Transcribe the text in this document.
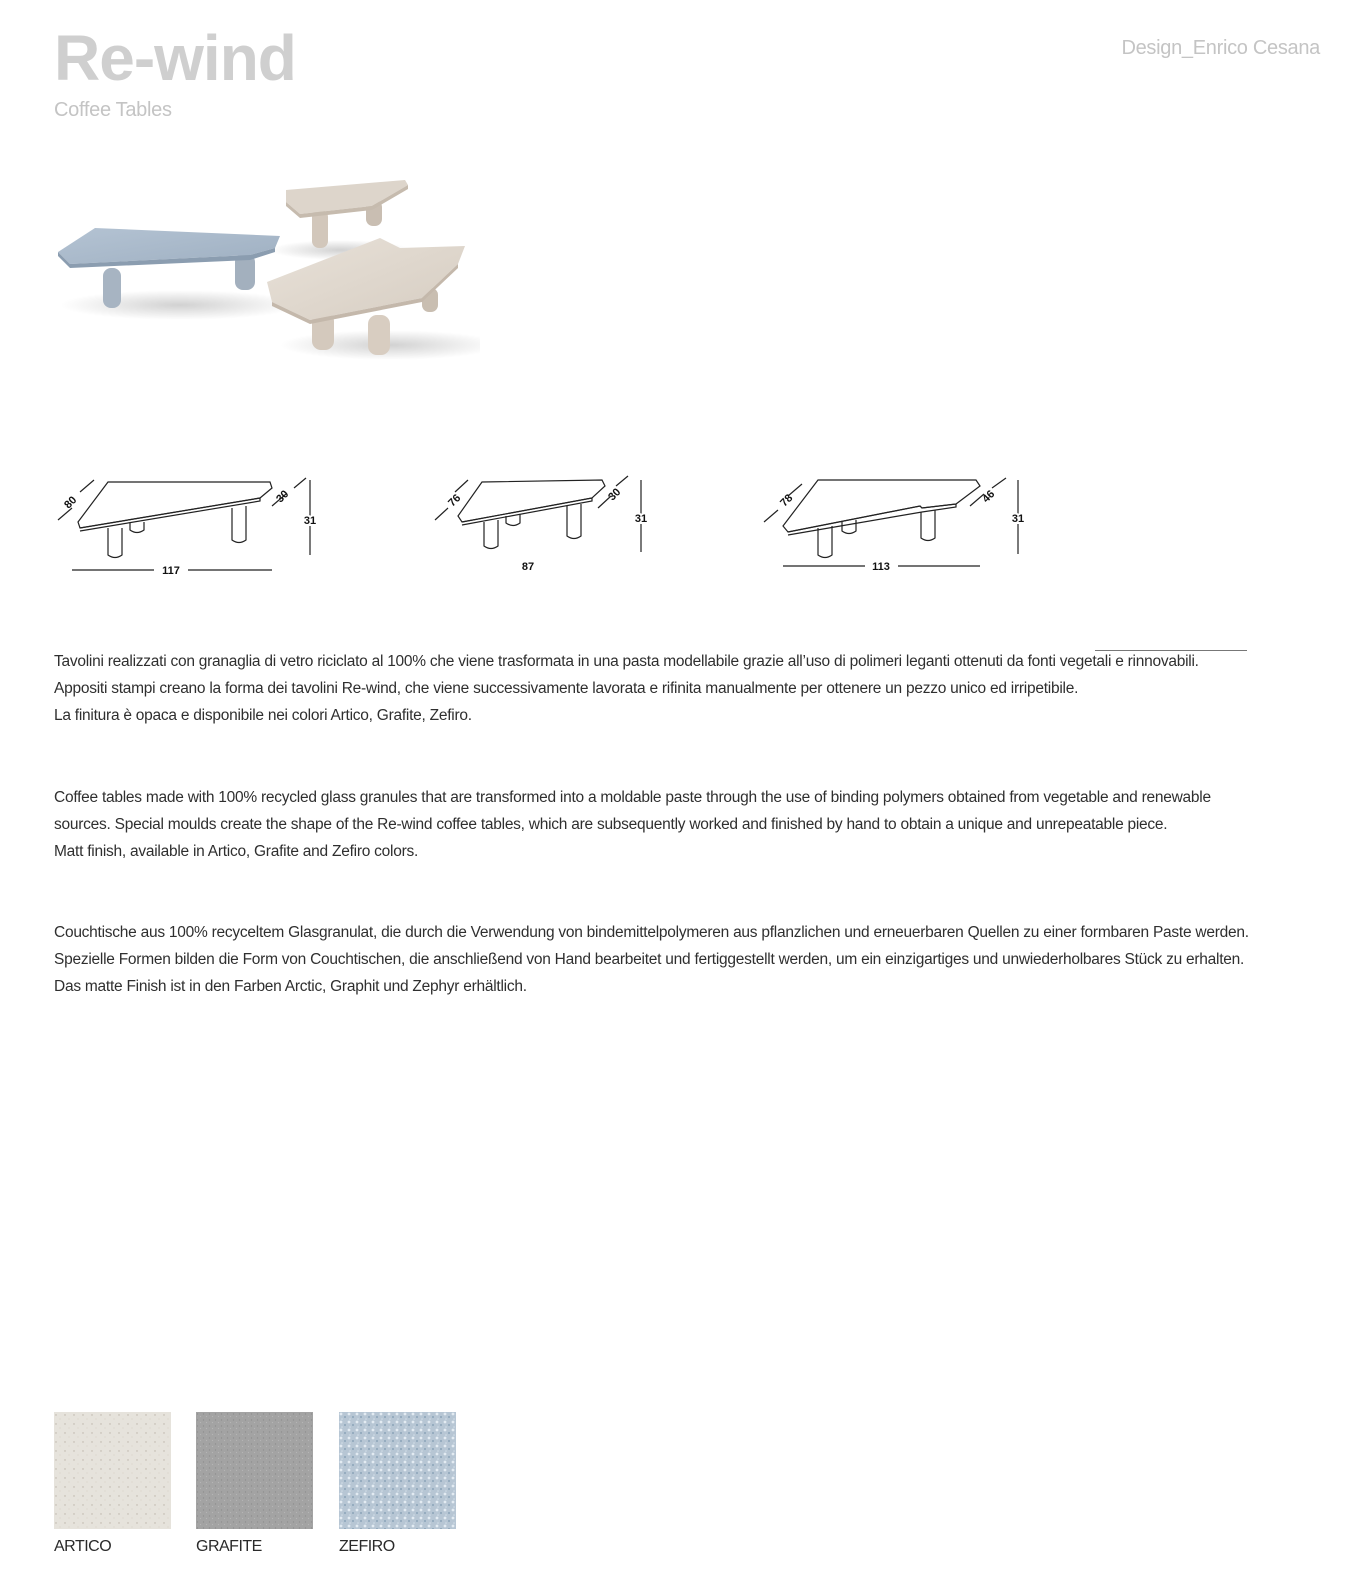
Re-wind
Coffee Tables
Design_Enrico Cesana
80	30
31
117
76	30
31
87
78	46
31
113

Tavolini realizzati con granaglia di vetro riciclato al 100% che viene trasformata in una pasta modellabile grazie all’uso di polimeri leganti ottenuti da fonti vegetali e rinnovabili.
Appositi stampi creano la forma dei tavolini Re-wind, che viene successivamente lavorata e rifinita manualmente per ottenere un pezzo unico ed irripetibile.
La finitura è opaca e disponibile nei colori Artico, Grafite, Zefiro.

Coffee tables made with 100% recycled glass granules that are transformed into a moldable paste through the use of binding polymers obtained from vegetable and renewable
sources. Special moulds create the shape of the Re-wind coffee tables, which are subsequently worked and finished by hand to obtain a unique and unrepeatable piece.
Matt finish, available in Artico, Grafite and Zefiro colors.

Couchtische aus 100% recyceltem Glasgranulat, die durch die Verwendung von bindemittelpolymeren aus pflanzlichen und erneuerbaren Quellen zu einer formbaren Paste werden.
Spezielle Formen bilden die Form von Couchtischen, die anschließend von Hand bearbeitet und fertiggestellt werden, um ein einzigartiges und unwiederholbares Stück zu erhalten.
Das matte Finish ist in den Farben Arctic, Graphit und Zephyr erhältlich.

ARTICO	GRAFITE	ZEFIRO
